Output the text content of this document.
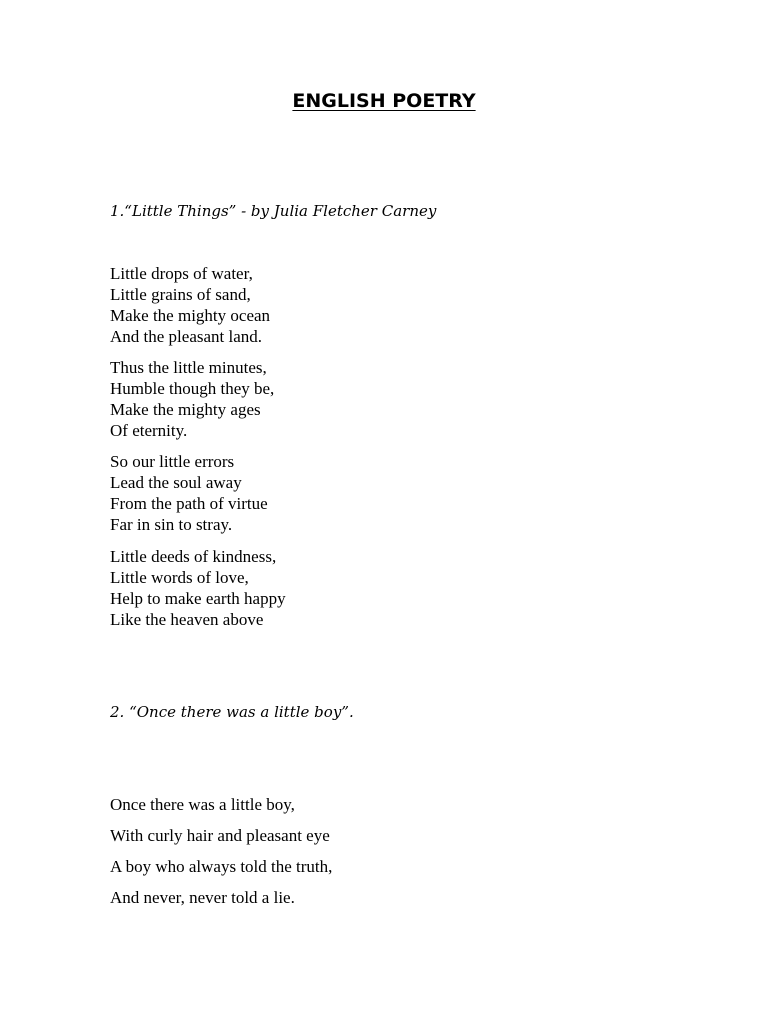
ENGLISH POETRY

1.“Little Things” - by Julia Fletcher Carney

Little drops of water,
Little grains of sand,
Make the mighty ocean
And the pleasant land.
Thus the little minutes,
Humble though they be,
Make the mighty ages
Of eternity.
So our little errors
Lead the soul away
From the path of virtue
Far in sin to stray.
Little deeds of kindness,
Little words of love,
Help to make earth happy
Like the heaven above

2. “Once there was a little boy”.

Once there was a little boy,

With curly hair and pleasant eye

A boy who always told the truth,

And never, never told a lie.
